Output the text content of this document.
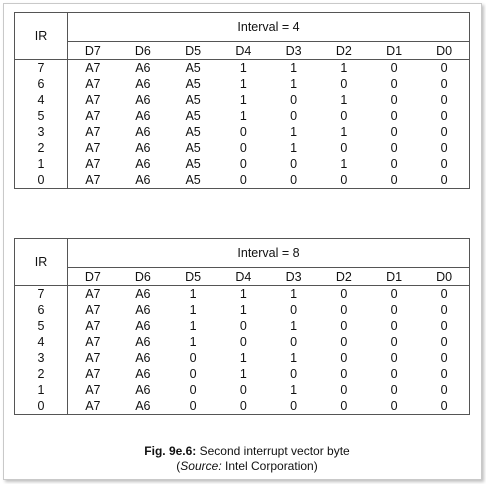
IR	Interval = 4							
	D7	D6	D5	D4	D3	D2	D1	D0
7	A7	A6	A5	1	1	1	0	0
6	A7	A6	A5	1	1	0	0	0
4	A7	A6	A5	1	0	1	0	0
5	A7	A6	A5	1	0	0	0	0
3	A7	A6	A5	0	1	1	0	0
2	A7	A6	A5	0	1	0	0	0
1	A7	A6	A5	0	0	1	0	0
0	A7	A6	A5	0	0	0	0	0
IR	Interval = 8							
	D7	D6	D5	D4	D3	D2	D1	D0
7	A7	A6	1	1	1	0	0	0
6	A7	A6	1	1	0	0	0	0
5	A7	A6	1	0	1	0	0	0
4	A7	A6	1	0	0	0	0	0
3	A7	A6	0	1	1	0	0	0
2	A7	A6	0	1	0	0	0	0
1	A7	A6	0	0	1	0	0	0
0	A7	A6	0	0	0	0	0	0
Fig. 9e.6: Second interrupt vector byte
(Source: Intel Corporation)
